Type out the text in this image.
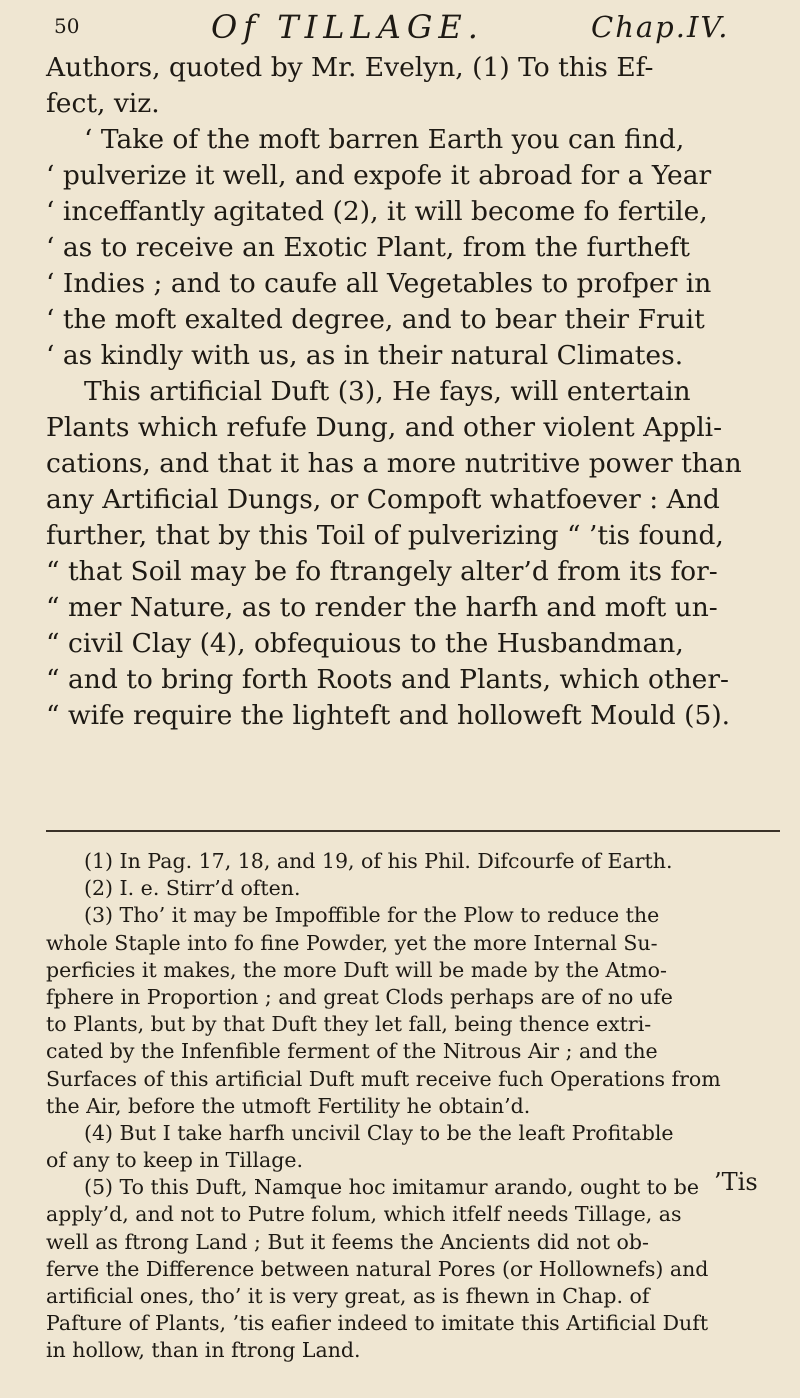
50	Of TILLAGE.	Chap.IV.
Authors, quoted by Mr. Evelyn, (1) To this Ef-
fect, viz.
‘ Take of the moft barren Earth you can find,
‘ pulverize it well, and expofe it abroad for a Year
‘ inceffantly agitated (2), it will become fo fertile,
‘ as to receive an Exotic Plant, from the furtheft
‘ Indies ; and to caufe all Vegetables to profper in
‘ the moft exalted degree, and to bear their Fruit
‘ as kindly with us, as in their natural Climates.
This artificial Duft (3), He fays, will entertain
Plants which refufe Dung, and other violent Appli-
cations, and that it has a more nutritive power than
any Artificial Dungs, or Compoft whatfoever : And
further, that by this Toil of pulverizing “ ’tis found,
“ that Soil may be fo ftrangely alter’d from its for-
“ mer Nature, as to render the harfh and moft un-
“ civil Clay (4), obfequious to the Husbandman,
“ and to bring forth Roots and Plants, which other-
“ wife require the lighteft and holloweft Mould (5).
(1) In Pag. 17, 18, and 19, of his Phil. Difcourfe of Earth.
(2) I. e. Stirr’d often.
(3) Tho’ it may be Impoffible for the Plow to reduce the
whole Staple into fo fine Powder, yet the more Internal Su-
perficies it makes, the more Duft will be made by the Atmo-
fphere in Proportion ; and great Clods perhaps are of no ufe
to Plants, but by that Duft they let fall, being thence extri-
cated by the Infenfible ferment of the Nitrous Air ; and the
Surfaces of this artificial Duft muft receive fuch Operations from
the Air, before the utmoft Fertility he obtain’d.
(4) But I take harfh uncivil Clay to be the leaft Profitable
of any to keep in Tillage.
(5) To this Duft, Namque hoc imitamur arando, ought to be
apply’d, and not to Putre folum, which itfelf needs Tillage, as
well as ftrong Land ; But it feems the Ancients did not ob-
ferve the Difference between natural Pores (or Hollownefs) and
artificial ones, tho’ it is very great, as is fhewn in Chap. of
Pafture of Plants, ’tis eafier indeed to imitate this Artificial Duft
in hollow, than in ftrong Land.
’Tis
